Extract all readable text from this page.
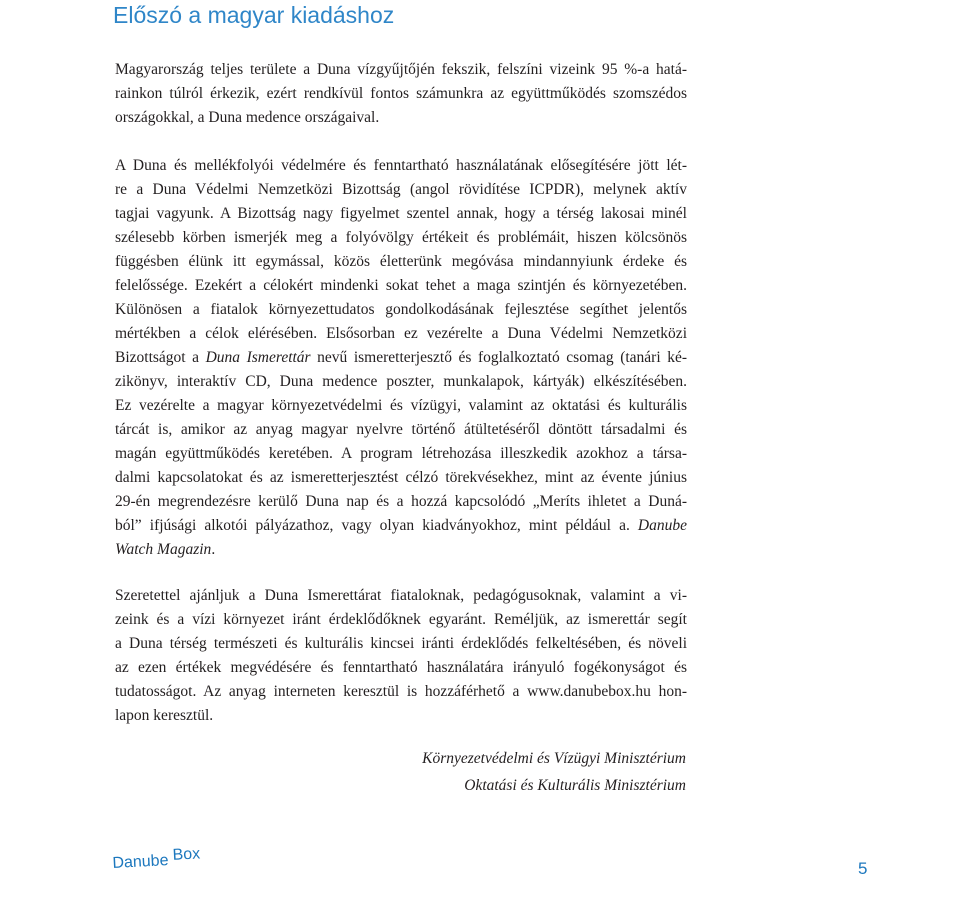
Előszó a magyar kiadáshoz

Magyarország teljes területe a Duna vízgyűjtőjén fekszik, felszíni vizeink 95 %-a hatá-
rainkon túlról érkezik, ezért rendkívül fontos számunkra az együttműködés szomszédos
országokkal, a Duna medence országaival.

A Duna és mellékfolyói védelmére és fenntartható használatának elősegítésére jött lét-
re a Duna Védelmi Nemzetközi Bizottság (angol rövidítése ICPDR), melynek aktív
tagjai vagyunk. A Bizottság nagy figyelmet szentel annak, hogy a térség lakosai minél
szélesebb körben ismerjék meg a folyóvölgy értékeit és problémáit, hiszen kölcsönös
függésben élünk itt egymással, közös életterünk megóvása mindannyiunk érdeke és
felelőssége. Ezekért a célokért mindenki sokat tehet a maga szintjén és környezetében.
Különösen a fiatalok környezettudatos gondolkodásának fejlesztése segíthet jelentős
mértékben a célok elérésében. Elsősorban ez vezérelte a Duna Védelmi Nemzetközi
Bizottságot a Duna Ismerettár nevű ismeretterjesztő és foglalkoztató csomag (tanári ké-
zikönyv, interaktív CD, Duna medence poszter, munkalapok, kártyák) elkészítésében.
Ez vezérelte a magyar környezetvédelmi és vízügyi, valamint az oktatási és kulturális
tárcát is, amikor az anyag magyar nyelvre történő átültetéséről döntött társadalmi és
magán együttműködés keretében. A program létrehozása illeszkedik azokhoz a társa-
dalmi kapcsolatokat és az ismeretterjesztést célzó törekvésekhez, mint az évente június
29-én megrendezésre kerülő Duna nap és a hozzá kapcsolódó „Meríts ihletet a Duná-
ból” ifjúsági alkotói pályázathoz, vagy olyan kiadványokhoz, mint például a. Danube
Watch Magazin.

Szeretettel ajánljuk a Duna Ismerettárat fiataloknak, pedagógusoknak, valamint a vi-
zeink és a vízi környezet iránt érdeklődőknek egyaránt. Reméljük, az ismerettár segít
a Duna térség természeti és kulturális kincsei iránti érdeklődés felkeltésében, és növeli
az ezen értékek megvédésére és fenntartható használatára irányuló fogékonyságot és
tudatosságot. Az anyag interneten keresztül is hozzáférhető a www.danubebox.hu hon-
lapon keresztül.

Környezetvédelmi és Vízügyi Minisztérium
Oktatási és Kulturális Minisztérium
Danube Box
5
